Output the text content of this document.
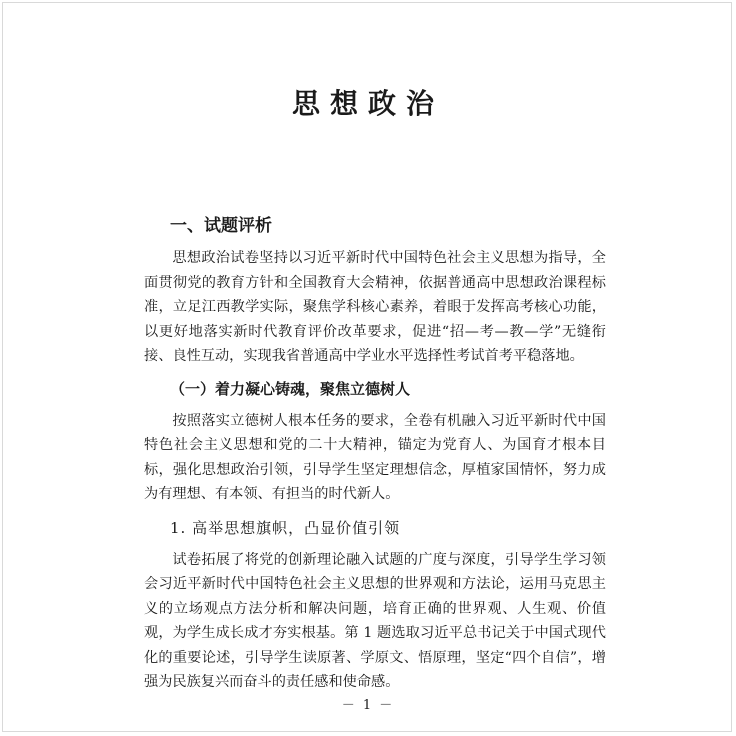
思想政治
一、试题评析

思想政治试卷坚持以习近平新时代中国特色社会主义思想为指导，全面贯彻党的教育方针和全国教育大会精神，依据普通高中思想政治课程标准，立足江西教学实际，聚焦学科核心素养，着眼于发挥高考核心功能，以更好地落实新时代教育评价改革要求，促进“招—考—教—学”无缝衔接、良性互动，实现我省普通高中学业水平选择性考试首考平稳落地。

（一）着力凝心铸魂，聚焦立德树人

按照落实立德树人根本任务的要求，全卷有机融入习近平新时代中国特色社会主义思想和党的二十大精神，锚定为党育人、为国育才根本目标，强化思想政治引领，引导学生坚定理想信念，厚植家国情怀，努力成为有理想、有本领、有担当的时代新人。

1. 高举思想旗帜，凸显价值引领

试卷拓展了将党的创新理论融入试题的广度与深度，引导学生学习领会习近平新时代中国特色社会主义思想的世界观和方法论，运用马克思主义的立场观点方法分析和解决问题，培育正确的世界观、人生观、价值观，为学生成长成才夯实根基。第 1 题选取习近平总书记关于中国式现代化的重要论述，引导学生读原著、学原文、悟原理，坚定“四个自信”，增强为民族复兴而奋斗的责任感和使命感。

－ 1 －
